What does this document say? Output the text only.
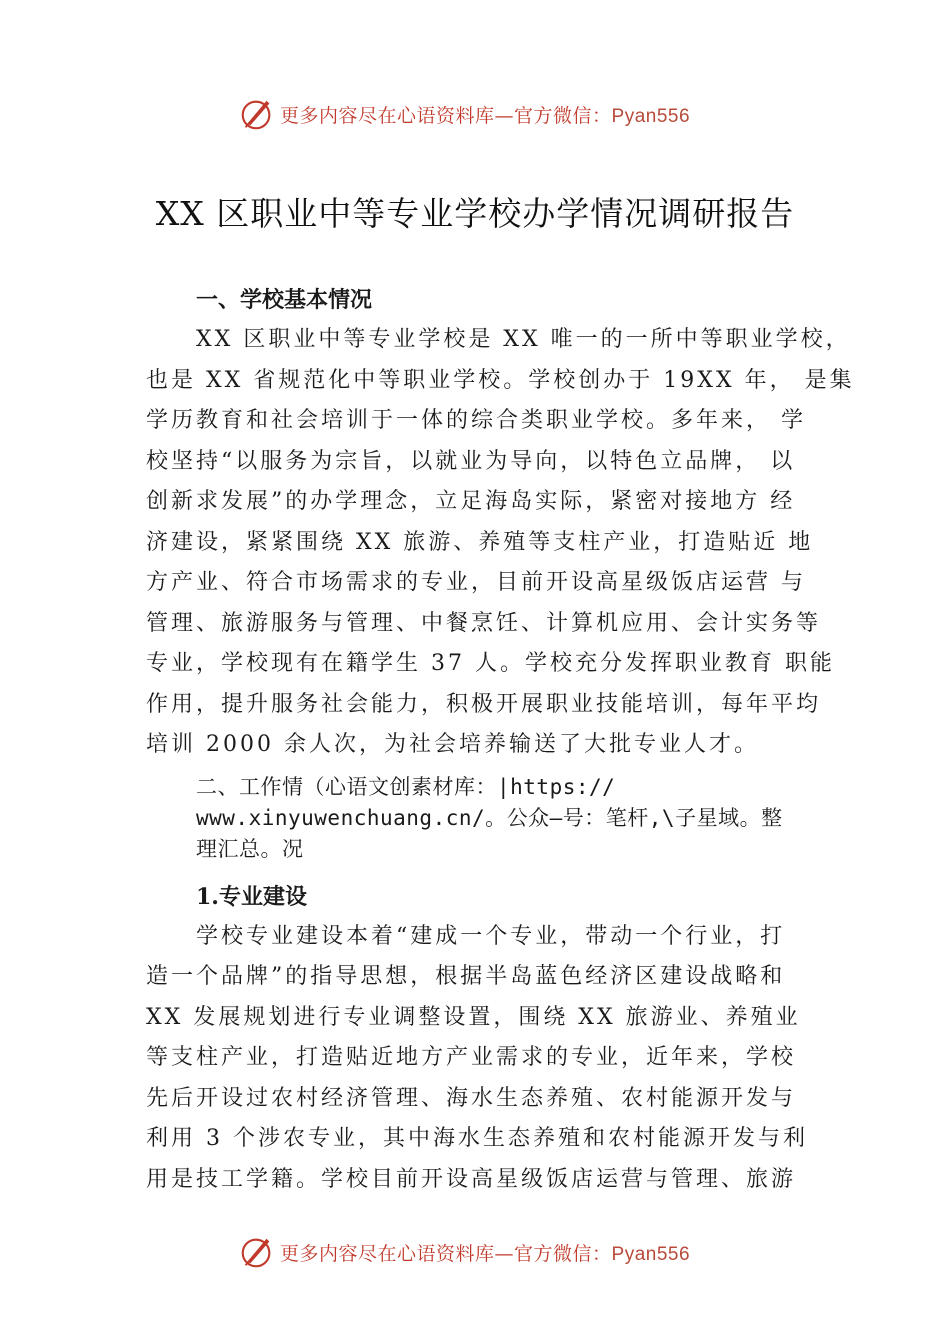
更多内容尽在心语资料库—官方微信：Pyan556
XX 区职业中等专业学校办学情况调研报告
一、学校基本情况
XX 区职业中等专业学校是 XX 唯一的一所中等职业学校，
也是 XX 省规范化中等职业学校。学校创办于 19XX 年， 是集
学历教育和社会培训于一体的综合类职业学校。多年来， 学
校坚持“以服务为宗旨，以就业为导向，以特色立品牌， 以
创新求发展”的办学理念，立足海岛实际，紧密对接地方 经
济建设，紧紧围绕 XX 旅游、养殖等支柱产业，打造贴近 地
方产业、符合市场需求的专业，目前开设高星级饭店运营 与
管理、旅游服务与管理、中餐烹饪、计算机应用、会计实务等
专业，学校现有在籍学生 37 人。学校充分发挥职业教育 职能
作用，提升服务社会能力，积极开展职业技能培训，每年平均
培训 2000 余人次，为社会培养输送了大批专业人才。
二、工作情（心语文创素材库：|https://
www.xinyuwenchuang.cn/。公众—号：笔杆,\子星域。整
理汇总。况
1.专业建设
学校专业建设本着“建成一个专业，带动一个行业，打
造一个品牌”的指导思想，根据半岛蓝色经济区建设战略和
XX 发展规划进行专业调整设置，围绕 XX 旅游业、养殖业
等支柱产业，打造贴近地方产业需求的专业，近年来，学校
先后开设过农村经济管理、海水生态养殖、农村能源开发与
利用 3 个涉农专业，其中海水生态养殖和农村能源开发与利
用是技工学籍。学校目前开设高星级饭店运营与管理、旅游
更多内容尽在心语资料库—官方微信：Pyan556
